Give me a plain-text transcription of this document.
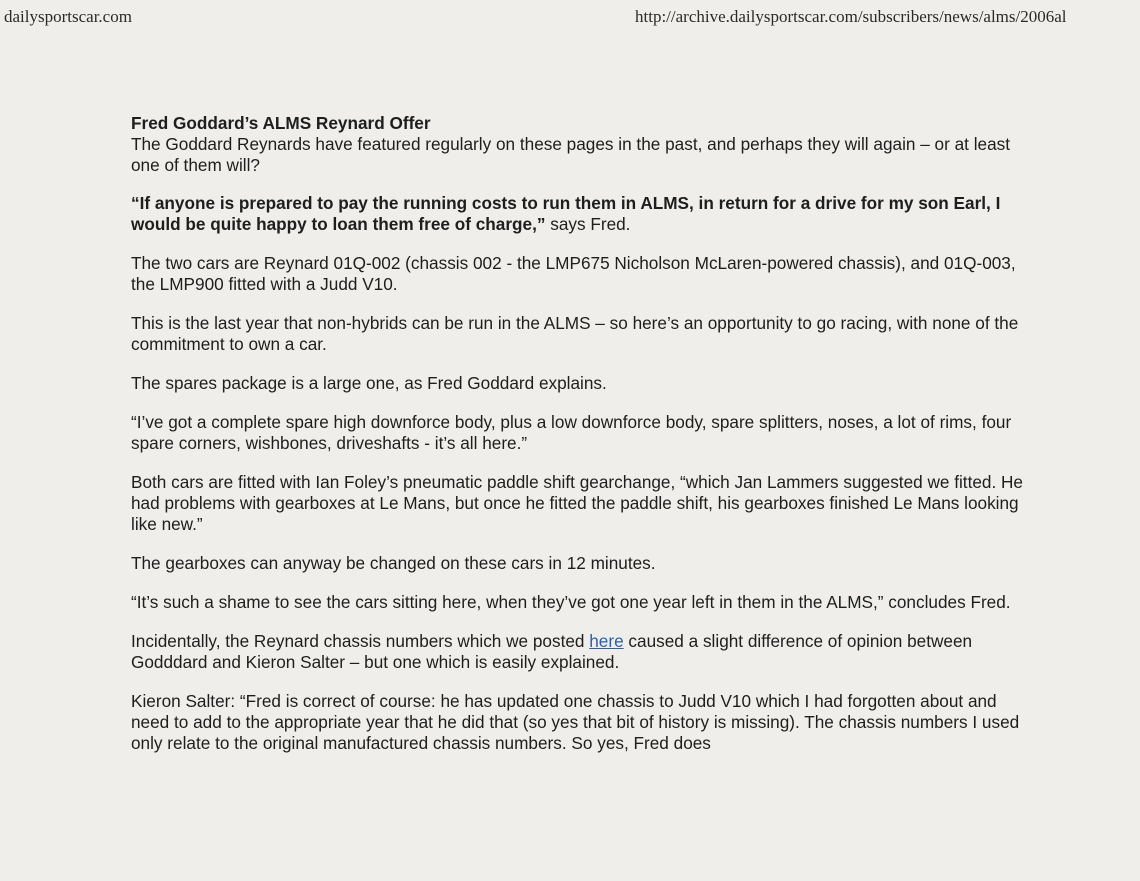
dailysportscar.com	http://archive.dailysportscar.com/subscribers/news/alms/2006al

Fred Goddard’s ALMS Reynard Offer
The Goddard Reynards have featured regularly on these pages in the past, and perhaps they will again – or at least one of them will?

“If anyone is prepared to pay the running costs to run them in ALMS, in return for a drive for my son Earl, I would be quite happy to loan them free of charge,” says Fred.

The two cars are Reynard 01Q-002 (chassis 002 - the LMP675 Nicholson McLaren-powered chassis), and 01Q-003, the LMP900 fitted with a Judd V10.

This is the last year that non-hybrids can be run in the ALMS – so here’s an opportunity to go racing, with none of the commitment to own a car.

The spares package is a large one, as Fred Goddard explains.

“I’ve got a complete spare high downforce body, plus a low downforce body, spare splitters, noses, a lot of rims, four spare corners, wishbones, driveshafts - it’s all here.”

Both cars are fitted with Ian Foley’s pneumatic paddle shift gearchange, “which Jan Lammers suggested we fitted. He had problems with gearboxes at Le Mans, but once he fitted the paddle shift, his gearboxes finished Le Mans looking like new.”

The gearboxes can anyway be changed on these cars in 12 minutes.

“It’s such a shame to see the cars sitting here, when they’ve got one year left in them in the ALMS,” concludes Fred.

Incidentally, the Reynard chassis numbers which we posted here caused a slight difference of opinion between Godddard and Kieron Salter – but one which is easily explained.

Kieron Salter: “Fred is correct of course: he has updated one chassis to Judd V10 which I had forgotten about and need to add to the appropriate year that he did that (so yes that bit of history is missing). The chassis numbers I used only relate to the original manufactured chassis numbers. So yes, Fred does
